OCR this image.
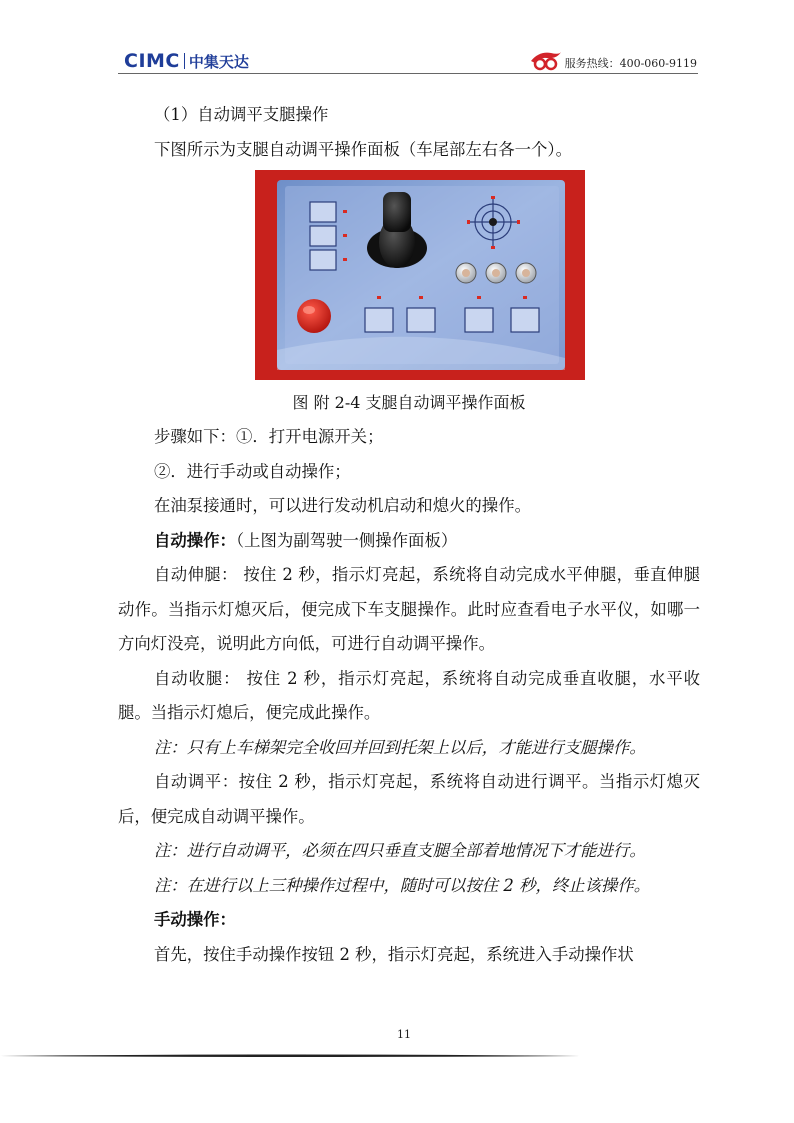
CIMC 中集天达	服务热线：400-060-9119

（1）自动调平支腿操作

下图所示为支腿自动调平操作面板（车尾部左右各一个）。

图 附 2-4 支腿自动调平操作面板

步骤如下：①．打开电源开关；

②．进行手动或自动操作；

在油泵接通时，可以进行发动机启动和熄火的操作。

自动操作：（上图为副驾驶一侧操作面板）

自动伸腿： 按住 2 秒，指示灯亮起，系统将自动完成水平伸腿，垂直伸腿动作。当指示灯熄灭后，便完成下车支腿操作。此时应查看电子水平仪，如哪一方向灯没亮，说明此方向低，可进行自动调平操作。

自动收腿： 按住 2 秒，指示灯亮起，系统将自动完成垂直收腿，水平收腿。当指示灯熄后，便完成此操作。

注：只有上车梯架完全收回并回到托架上以后，才能进行支腿操作。

自动调平：按住 2 秒，指示灯亮起，系统将自动进行调平。当指示灯熄灭后，便完成自动调平操作。

注：进行自动调平，必须在四只垂直支腿全部着地情况下才能进行。

注：在进行以上三种操作过程中，随时可以按住 2 秒，终止该操作。

手动操作：

首先，按住手动操作按钮 2 秒，指示灯亮起，系统进入手动操作状

11
